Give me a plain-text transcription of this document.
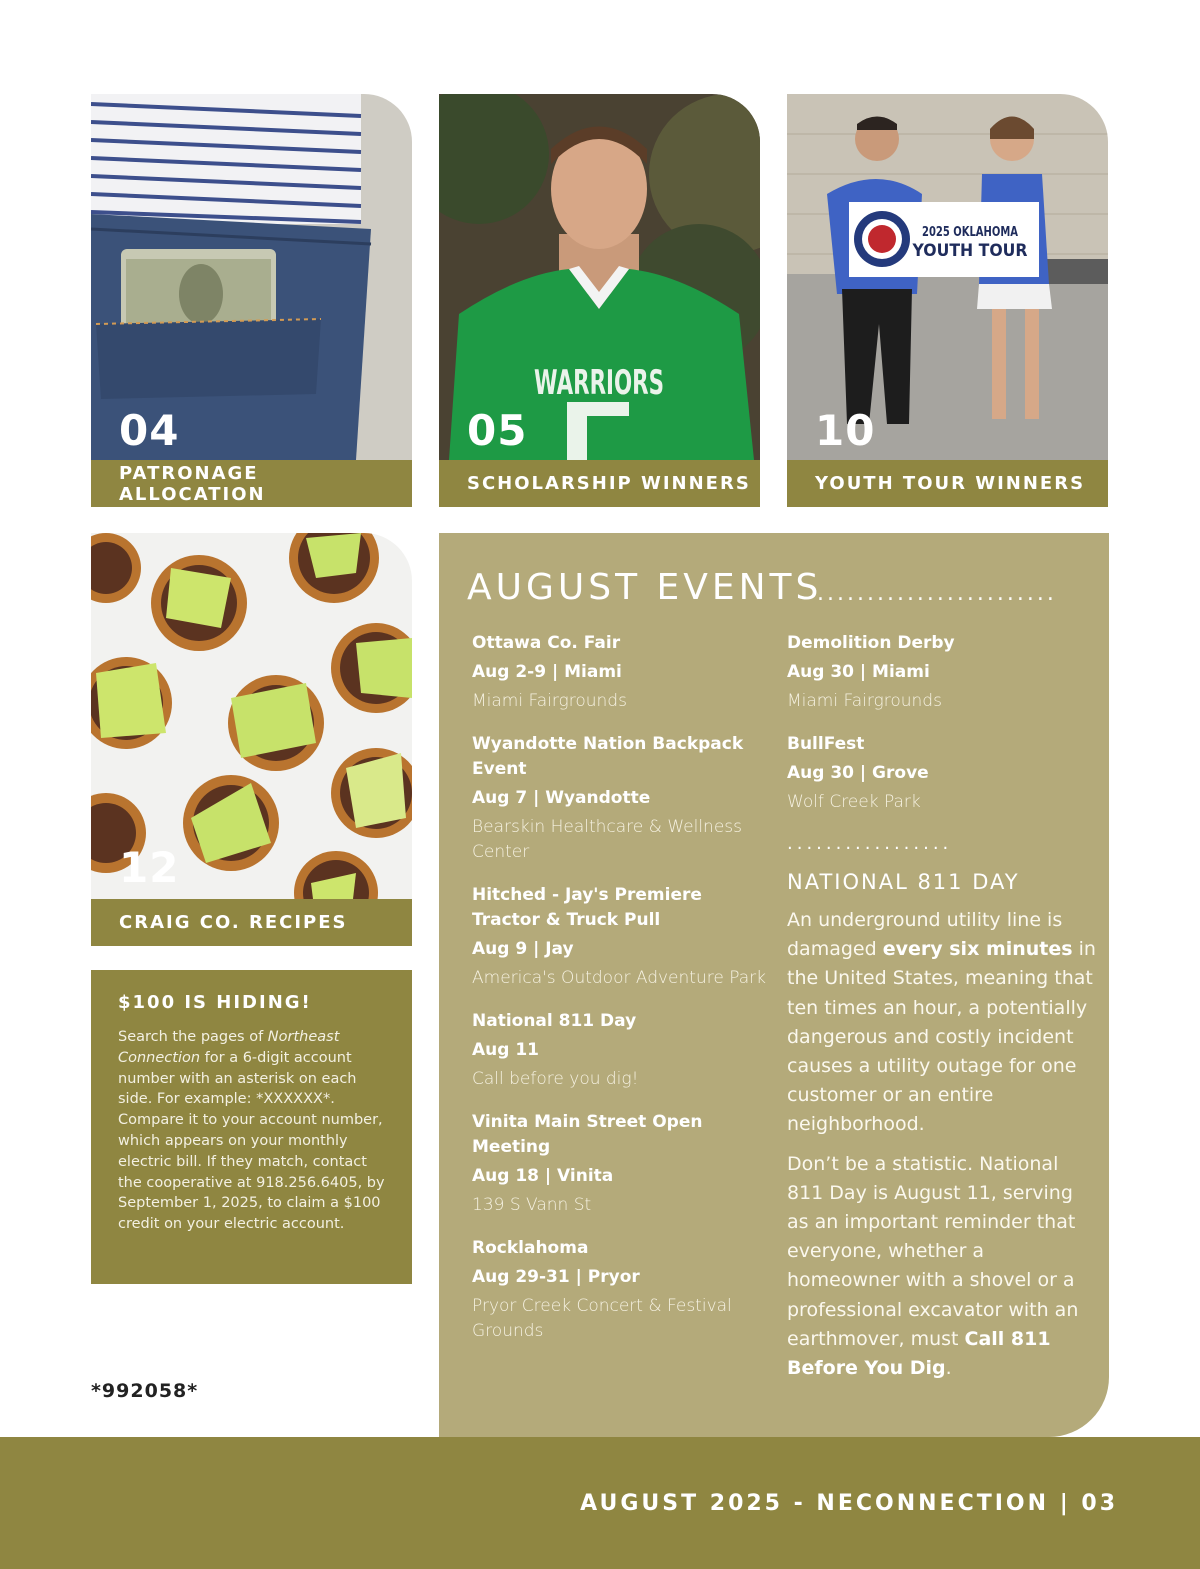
04
PATRONAGE ALLOCATION
WARRIORS
05
SCHOLARSHIP WINNERS
2025 OKLAHOMA
YOUTH TOUR
10
YOUTH TOUR WINNERS
12
CRAIG CO. RECIPES
$100 IS HIDING!

Search the pages of Northeast Connection for a 6-digit account number with an asterisk on each side. For example: *XXXXXX*. Compare it to your account number, which appears on your monthly electric bill. If they match, contact the cooperative at 918.256.6405, by September 1, 2025, to claim a $100 credit on your electric account.

*992058*
AUGUST EVENTS
........................
Ottawa Co. Fair
Aug 2-9 | Miami
Miami Fairgrounds
Wyandotte Nation Backpack Event
Aug 7 | Wyandotte
Bearskin Healthcare & Wellness Center
Hitched - Jay's Premiere Tractor & Truck Pull
Aug 9 | Jay
America's Outdoor Adventure Park
National 811 Day
Aug 11
Call before you dig!
Vinita Main Street Open Meeting
Aug 18 | Vinita
139 S Vann St
Rocklahoma
Aug 29-31 | Pryor
Pryor Creek Concert & Festival Grounds
Demolition Derby
Aug 30 | Miami
Miami Fairgrounds
BullFest
Aug 30 | Grove
Wolf Creek Park
.................
NATIONAL 811 DAY

An underground utility line is damaged every six minutes in the United States, meaning that ten times an hour, a potentially dangerous and costly incident causes a utility outage for one customer or an entire neighborhood.

Don’t be a statistic. National 811 Day is August 11, serving as an important reminder that everyone, whether a homeowner with a shovel or a professional excavator with an earthmover, must Call 811 Before You Dig.

AUGUST 2025 - NECONNECTION | 03
